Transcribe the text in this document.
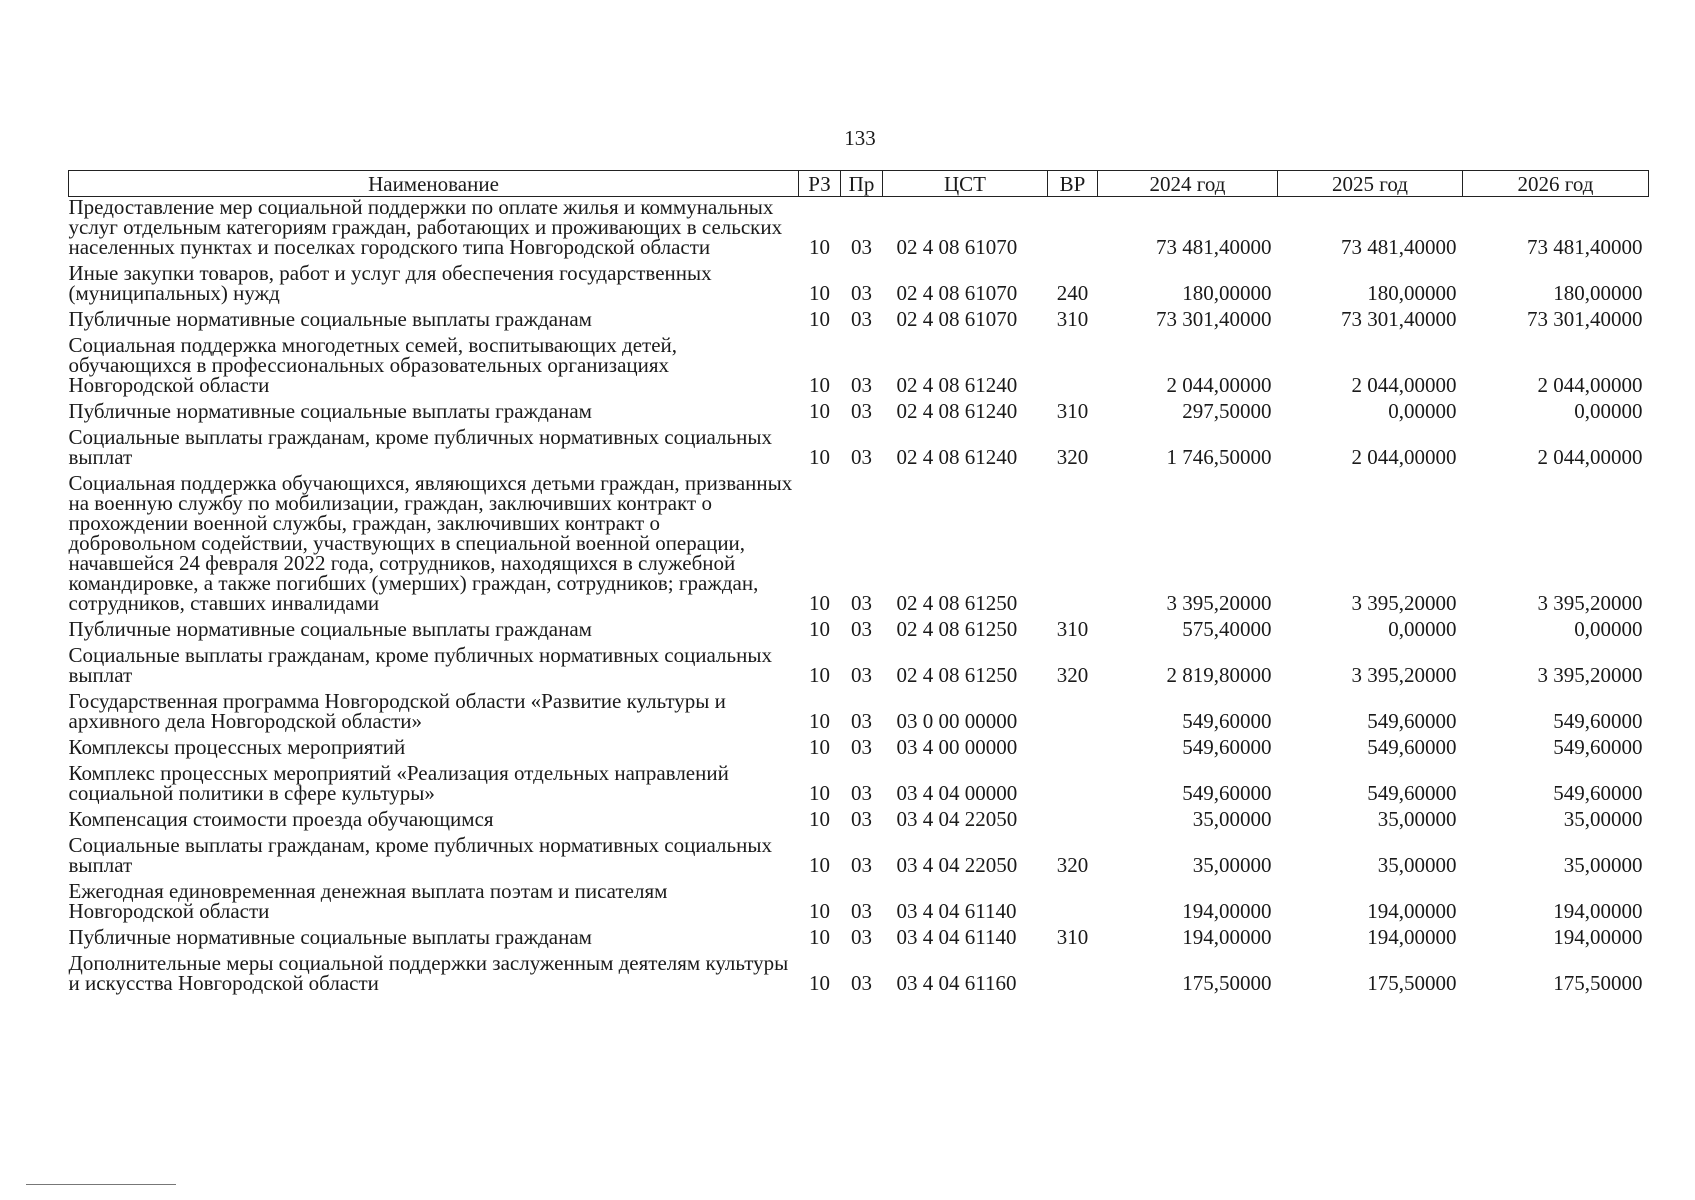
133
Наименование	РЗ	Пр	ЦСТ	ВР	2024 год	2025 год	2026 год
Предоставление мер социальной поддержки по оплате жилья и коммунальных услуг отдельным категориям граждан, работающих и проживающих в сельских населенных пунктах и поселках городского типа Новгородской области	10	03	02 4 08 61070		73 481,40000	73 481,40000	73 481,40000
Иные закупки товаров, работ и услуг для обеспечения государственных (муниципальных) нужд	10	03	02 4 08 61070	240	180,00000	180,00000	180,00000
Публичные нормативные социальные выплаты гражданам	10	03	02 4 08 61070	310	73 301,40000	73 301,40000	73 301,40000
Социальная поддержка многодетных семей, воспитывающих детей, обучающихся в профессиональных образовательных организациях Новгородской области	10	03	02 4 08 61240		2 044,00000	2 044,00000	2 044,00000
Публичные нормативные социальные выплаты гражданам	10	03	02 4 08 61240	310	297,50000	0,00000	0,00000
Социальные выплаты гражданам, кроме публичных нормативных социальных выплат	10	03	02 4 08 61240	320	1 746,50000	2 044,00000	2 044,00000
Социальная поддержка обучающихся, являющихся детьми граждан, призванных на военную службу по мобилизации, граждан, заключивших контракт о прохождении военной службы, граждан, заключивших контракт о добровольном содействии, участвующих в специальной военной операции, начавшейся 24 февраля 2022 года, сотрудников, находящихся в служебной командировке, а также погибших (умерших) граждан, сотрудников; граждан, сотрудников, ставших инвалидами	10	03	02 4 08 61250		3 395,20000	3 395,20000	3 395,20000
Публичные нормативные социальные выплаты гражданам	10	03	02 4 08 61250	310	575,40000	0,00000	0,00000
Социальные выплаты гражданам, кроме публичных нормативных социальных выплат	10	03	02 4 08 61250	320	2 819,80000	3 395,20000	3 395,20000
Государственная программа Новгородской области «Развитие культуры и архивного дела Новгородской области»	10	03	03 0 00 00000		549,60000	549,60000	549,60000
Комплексы процессных мероприятий	10	03	03 4 00 00000		549,60000	549,60000	549,60000
Комплекс процессных мероприятий «Реализация отдельных направлений социальной политики в сфере культуры»	10	03	03 4 04 00000		549,60000	549,60000	549,60000
Компенсация стоимости проезда обучающимся	10	03	03 4 04 22050		35,00000	35,00000	35,00000
Социальные выплаты гражданам, кроме публичных нормативных социальных выплат	10	03	03 4 04 22050	320	35,00000	35,00000	35,00000
Ежегодная единовременная денежная выплата поэтам и писателям Новгородской области	10	03	03 4 04 61140		194,00000	194,00000	194,00000
Публичные нормативные социальные выплаты гражданам	10	03	03 4 04 61140	310	194,00000	194,00000	194,00000
Дополнительные меры социальной поддержки заслуженным деятелям культуры и искусства Новгородской области	10	03	03 4 04 61160		175,50000	175,50000	175,50000
